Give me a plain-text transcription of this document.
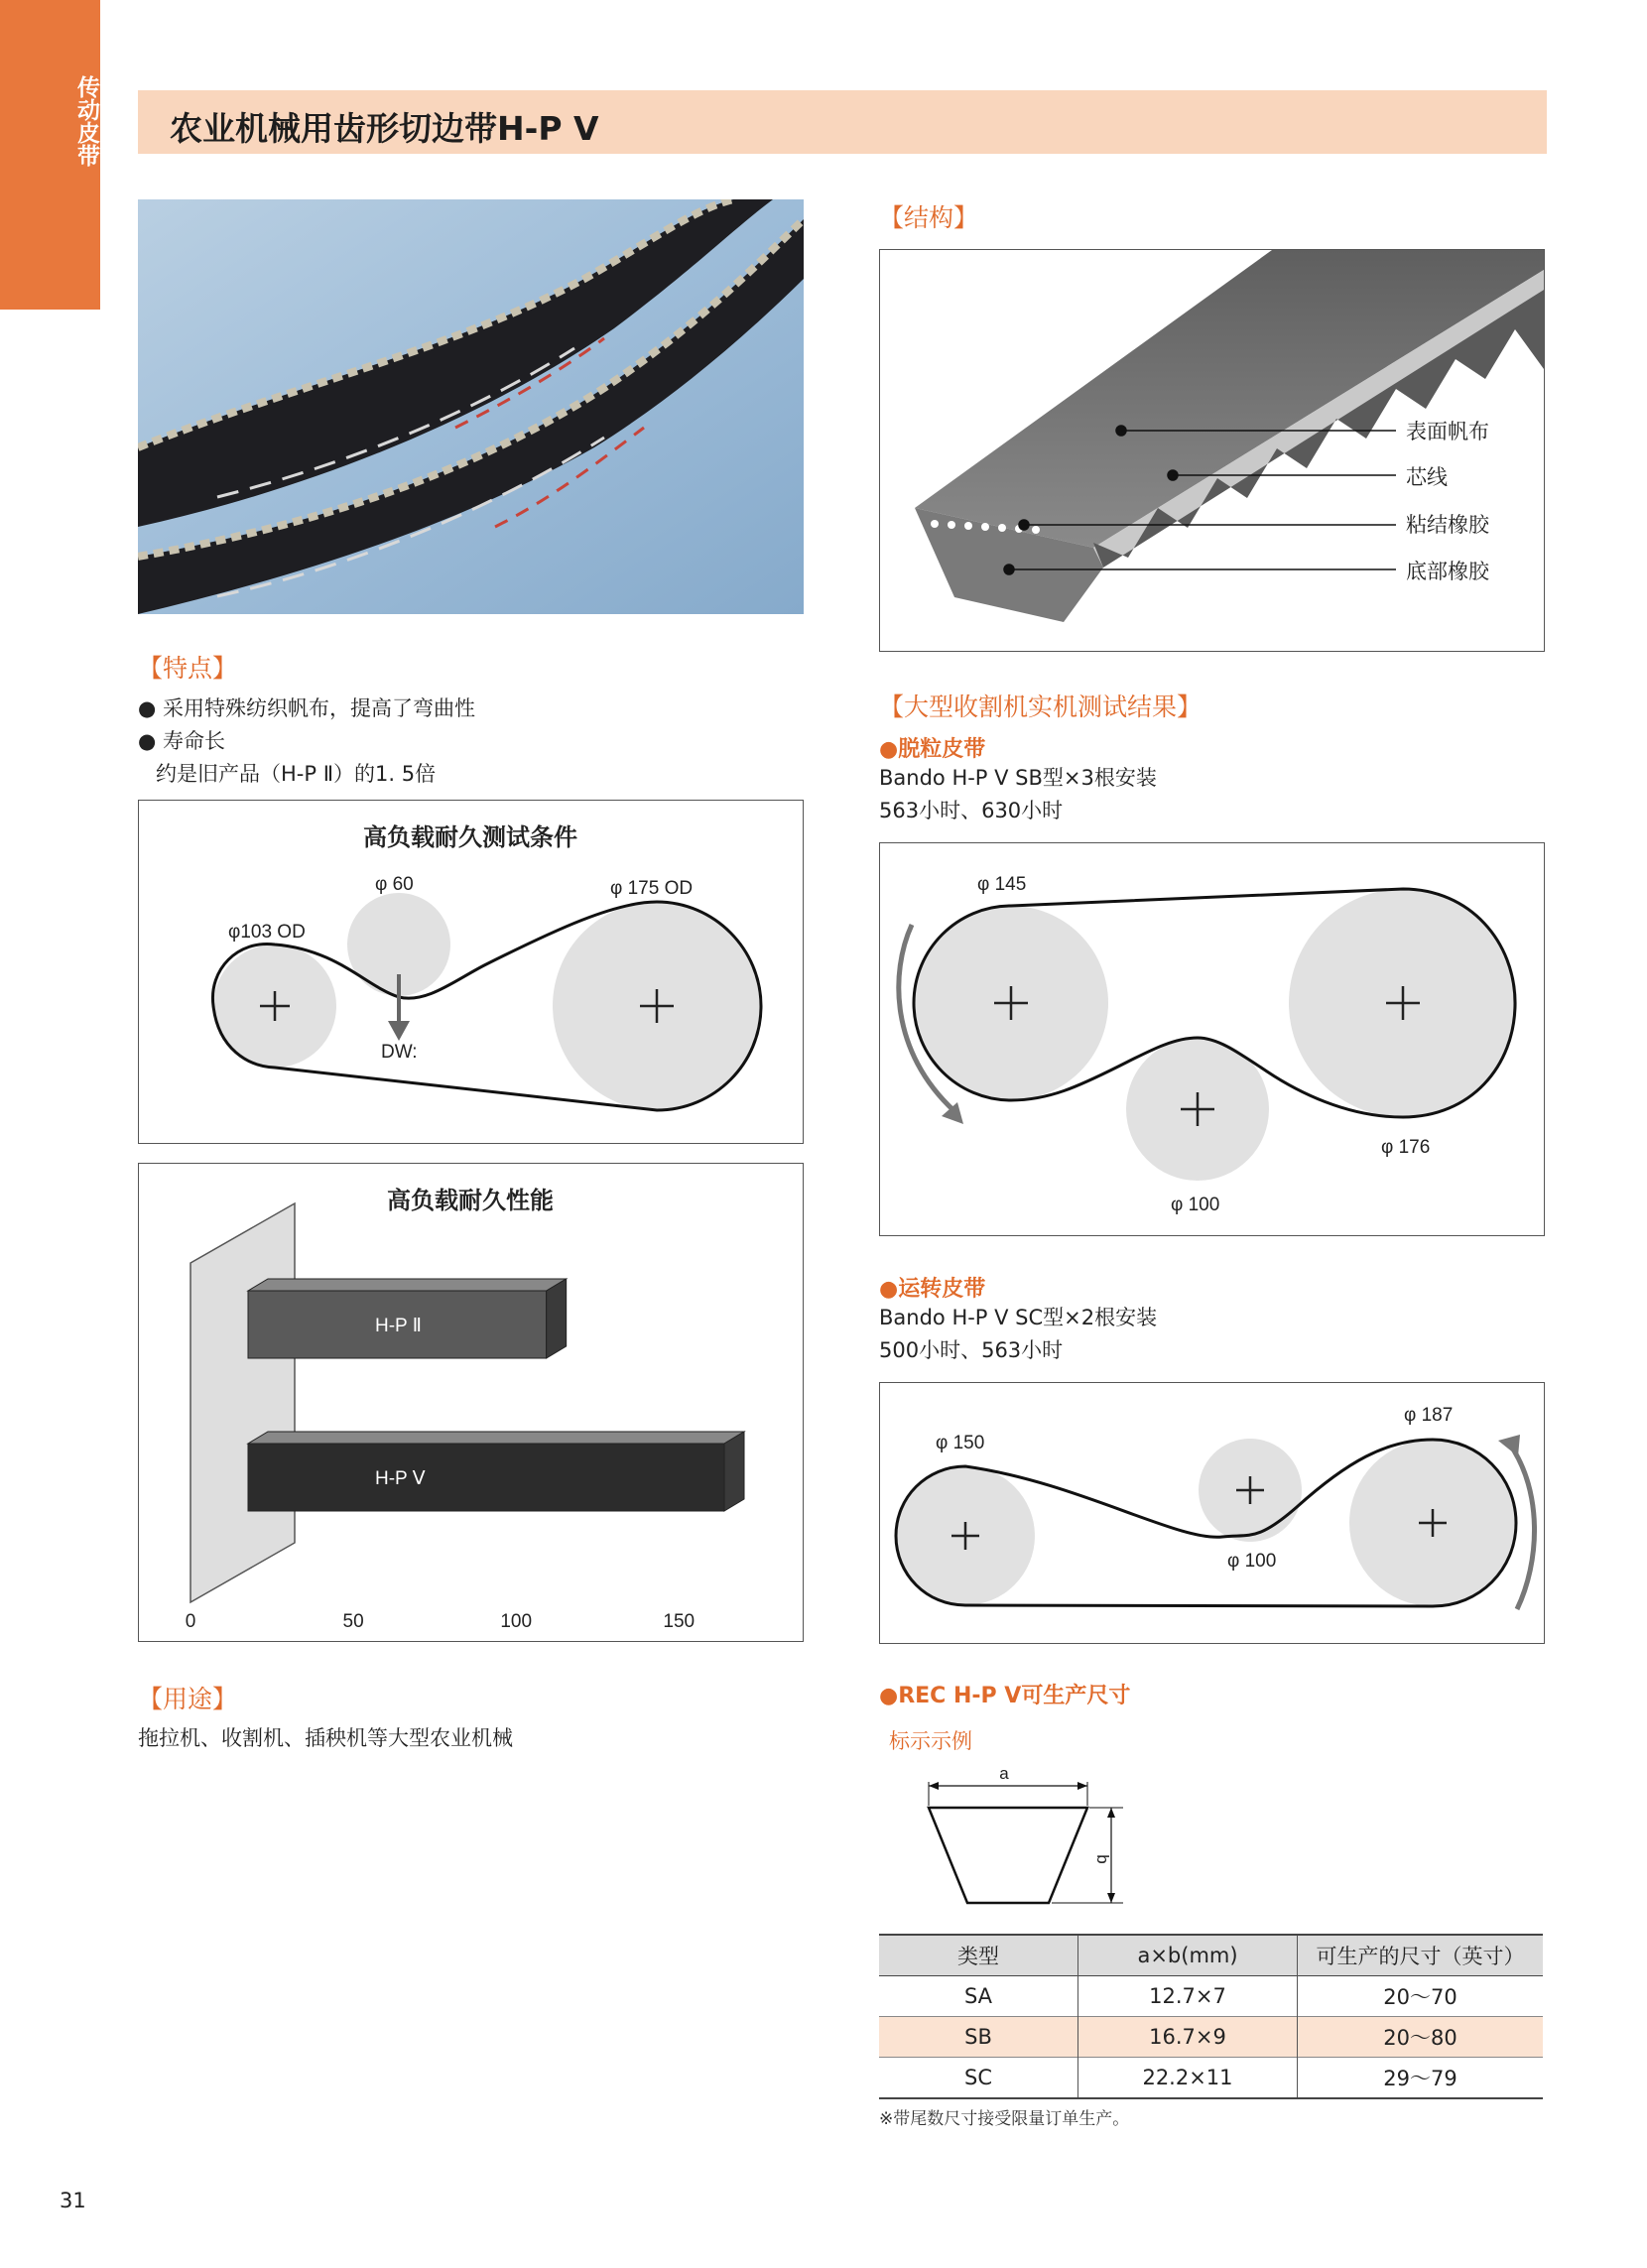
传动皮带 农业机械用齿形切边带H-P Ⅴ
【特点】
● 采用特殊纺织帆布，提高了弯曲性
● 寿命长
约是旧产品（H-P Ⅱ）的1. 5倍
高负载耐久测试条件
φ103 OD
φ 60	φ 175 OD
DW:
高负载耐久性能
H-P Ⅱ
H-P Ⅴ
0	50	100	150
【用途】
拖拉机、收割机、插秧机等大型农业机械
【结构】
表面帆布
芯线
粘结橡胶
底部橡胶
【大型收割机实机测试结果】
●脱粒皮带
Bando H-P Ⅴ SB型×3根安装
563小时、630小时
φ 145
φ 176
φ 100
●运转皮带
Bando H-P Ⅴ SC型×2根安装
500小时、563小时
φ 150
φ 187
φ 100
●REC H-P Ⅴ可生产尺寸
标示示例
a
b
类型	a×b(mm)	可生产的尺寸（英寸）
SA	12.7×7	20～70
SB	16.7×9	20～80
SC	22.2×11	29～79
※带尾数尺寸接受限量订单生产。
31
